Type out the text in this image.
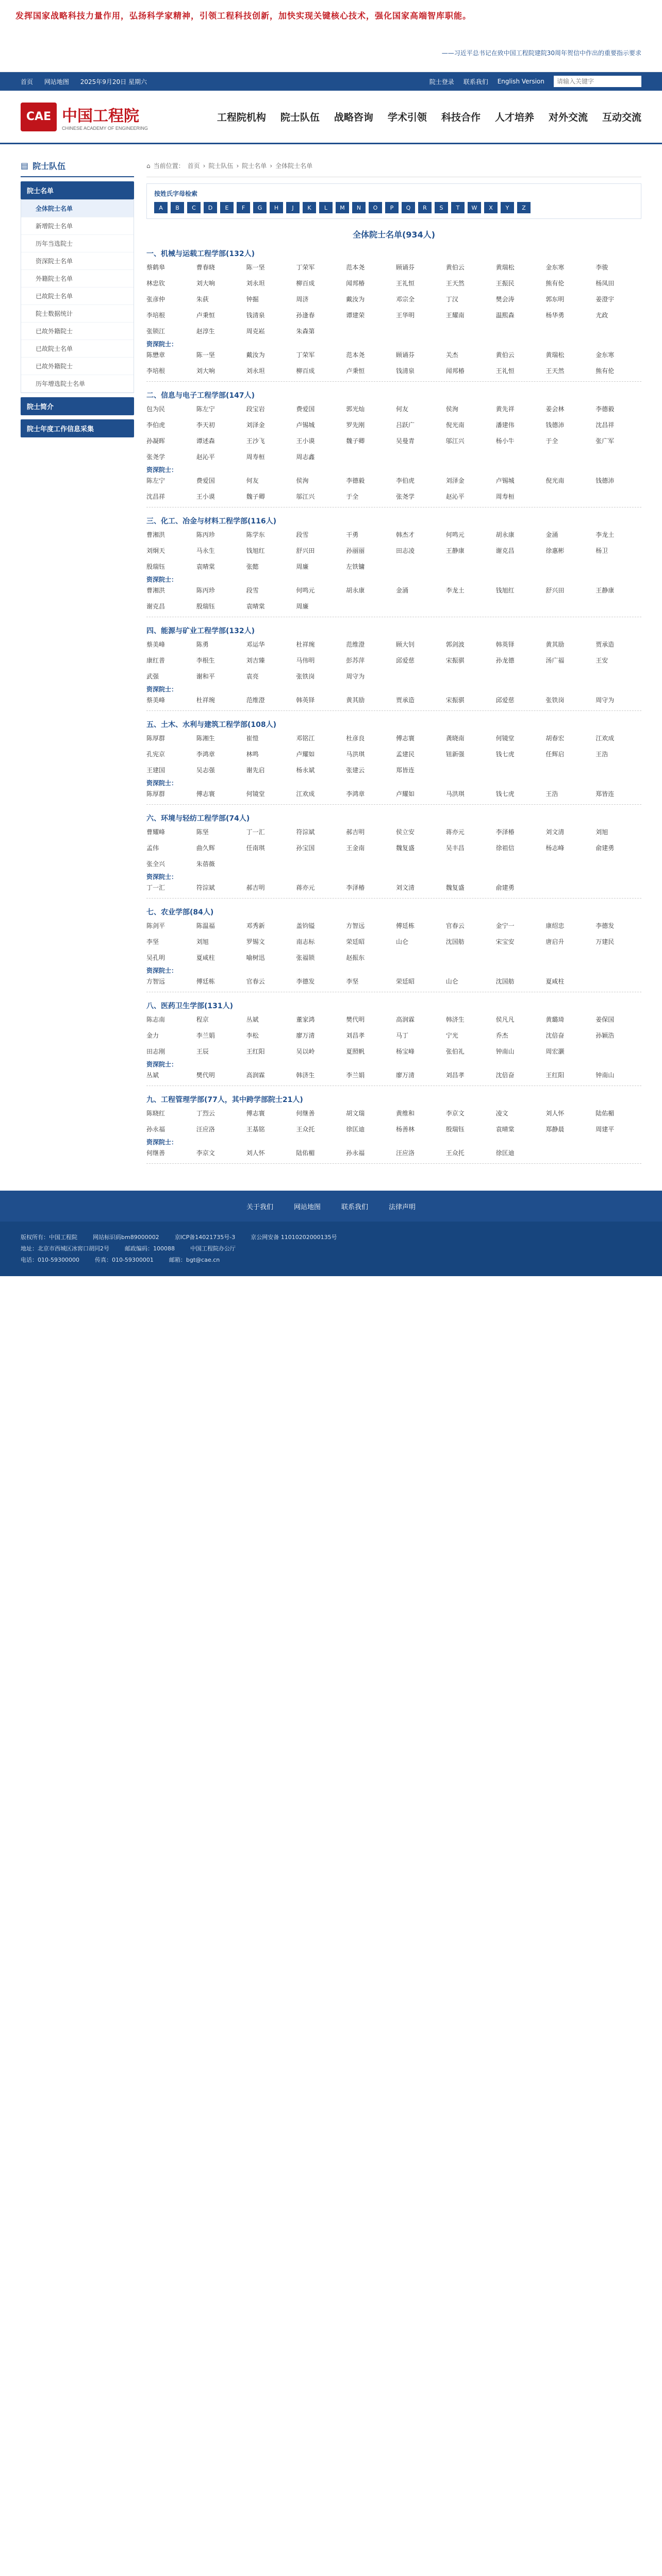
发挥国家战略科技力量作用，弘扬科学家精神，引领工程科技创新，加快实现关键核心技术，强化国家高端智库职能。
——习近平总书记在致中国工程院建院30周年贺信中作出的重要指示要求
首页 网站地图 2025年9月20日 星期六	院士登录 联系我们 English Version
请输入关键字
CAE 中国工程院
CHINESE ACADEMY OF ENGINEERING
工程院机构 院士队伍 战略咨询 学术引领 科技合作 人才培养 对外交流 互动交流
▤ 院士队伍
院士名单
全体院士名单
新增院士名单
历年当选院士
资深院士名单
外籍院士名单
已故院士名单
院士数据统计
已故外籍院士
已故院士名单
已故外籍院士
历年增选院士名单
院士简介
院士年度工作信息采集
⌂ 当前位置： 首页 › 院士队伍 › 院士名单 › 全体院士名单
按姓氏字母检索
A	B	C	D	E	F	G	H	J	K	L	M	N	O	P	Q	R	S	T	W	X	Y	Z
全体院士名单(934人)
一、机械与运载工程学部(132人)
蔡鹤皋	曹春晓	陈一坚	丁荣军	范本尧	顾诵芬	黄伯云	黄瑞松	金东寒	李骏
林忠钦	刘大响	刘永坦	柳百成	闻邦椿	王礼恒	王天然	王振民	熊有伦	杨凤田
张彦仲	朱荻	钟掘	周济	戴汝为	邓宗全	丁汉	樊会涛	郭东明	姜澄宇
李培根	卢秉恒	钱清泉	孙逢春	谭建荣	王华明	王耀南	温熙森	杨华勇	尤政
张锁江	赵淳生	周克崧	朱森第
资深院士：
陈懋章	陈一坚	戴汝为	丁荣军	范本尧	顾诵芬	关杰	黄伯云	黄瑞松	金东寒
李培根	刘大响	刘永坦	柳百成	卢秉恒	钱清泉	闻邦椿	王礼恒	王天然	熊有伦
二、信息与电子工程学部(147人)
包为民	陈左宁	段宝岩	费爱国	郭光灿	何友	侯洵	黄先祥	姜会林	李德毅
李伯虎	李天初	刘泽金	卢锡城	罗先刚	吕跃广	倪光南	潘建伟	钱德沛	沈昌祥
孙凝晖	谭述森	王沙飞	王小谟	魏子卿	吴曼青	邬江兴	杨小牛	于全	张广军
张尧学	赵沁平	周寿桓	周志鑫
资深院士：
陈左宁	费爱国	何友	侯洵	李德毅	李伯虎	刘泽金	卢锡城	倪光南	钱德沛
沈昌祥	王小谟	魏子卿	邬江兴	于全	张尧学	赵沁平	周寿桓
三、化工、冶金与材料工程学部(116人)
曹湘洪	陈丙珍	陈学东	段雪	干勇	韩杰才	何鸣元	胡永康	金涌	李龙土
刘炯天	马永生	钱旭红	舒兴田	孙丽丽	田志凌	王静康	谢克昌	徐惠彬	杨卫
殷瑞钰	袁晴棠	张懿	周廉	左铁镛
资深院士：
曹湘洪	陈丙珍	段雪	何鸣元	胡永康	金涌	李龙土	钱旭红	舒兴田	王静康
谢克昌	殷瑞钰	袁晴棠	周廉
四、能源与矿业工程学部(132人)
蔡美峰	陈勇	邓运华	杜祥琬	范维澄	顾大钊	郭剑波	韩英铎	黄其励	贾承造
康红普	李根生	刘吉臻	马伟明	彭苏萍	邱爱慈	宋振骐	孙龙德	汤广福	王安
武强	谢和平	袁亮	张铁岗	周守为
资深院士：
蔡美峰	杜祥琬	范维澄	韩英铎	黄其励	贾承造	宋振骐	邱爱慈	张铁岗	周守为
五、土木、水利与建筑工程学部(108人)
陈厚群	陈湘生	崔愷	邓铭江	杜彦良	傅志寰	龚晓南	何镜堂	胡春宏	江欢成
孔宪京	李鸿章	林鸣	卢耀如	马洪琪	孟建民	钮新强	钱七虎	任辉启	王浩
王建国	吴志强	谢先启	杨永斌	张建云	郑皆连
资深院士：
陈厚群	傅志寰	何镜堂	江欢成	李鸿章	卢耀如	马洪琪	钱七虎	王浩	郑皆连
六、环境与轻纺工程学部(74人)
曹耀峰	陈坚	丁一汇	符淙斌	郝吉明	侯立安	蒋亦元	李泽椿	刘文清	刘旭
孟伟	曲久辉	任南琪	孙宝国	王金南	魏复盛	吴丰昌	徐祖信	杨志峰	俞建勇
张全兴	朱蓓薇
资深院士：
丁一汇	符淙斌	郝吉明	蒋亦元	李泽椿	刘文清	魏复盛	俞建勇
七、农业学部(84人)
陈剑平	陈温福	邓秀新	盖钧镒	方智远	傅廷栋	官春云	金宁一	康绍忠	李德发
李坚	刘旭	罗锡文	南志标	荣廷昭	山仑	沈国舫	宋宝安	唐启升	万建民
吴孔明	夏咸柱	喻树迅	张福锁	赵振东
资深院士：
方智远	傅廷栋	官春云	李德发	李坚	荣廷昭	山仑	沈国舫	夏咸柱
八、医药卫生学部(131人)
陈志南	程京	丛斌	董家鸿	樊代明	高润霖	韩济生	侯凡凡	黄璐琦	姜保国
金力	李兰娟	李松	廖万清	刘昌孝	马丁	宁光	乔杰	沈倍奋	孙颖浩
田志刚	王辰	王红阳	吴以岭	夏照帆	杨宝峰	张伯礼	钟南山	周宏灏
资深院士：
丛斌	樊代明	高润霖	韩济生	李兰娟	廖万清	刘昌孝	沈倍奋	王红阳	钟南山
九、工程管理学部(77人，其中跨学部院士21人)
陈晓红	丁烈云	傅志寰	何继善	胡文瑞	黄维和	李京文	凌文	刘人怀	陆佑楣
孙永福	汪应洛	王基铭	王众托	徐匡迪	杨善林	殷瑞钰	袁晴棠	郑静晨	周建平
资深院士：
何继善	李京文	刘人怀	陆佑楣	孙永福	汪应洛	王众托	徐匡迪
关于我们	网站地图	联系我们	法律声明
版权所有：中国工程院	网站标识码bm89000002	京ICP备14021735号-3	京公网安备 11010202000135号
地址：北京市西城区冰窖口胡同2号	邮政编码：100088	中国工程院办公厅
电话：010-59300000	传真：010-59300001	邮箱：bgt@cae.cn
